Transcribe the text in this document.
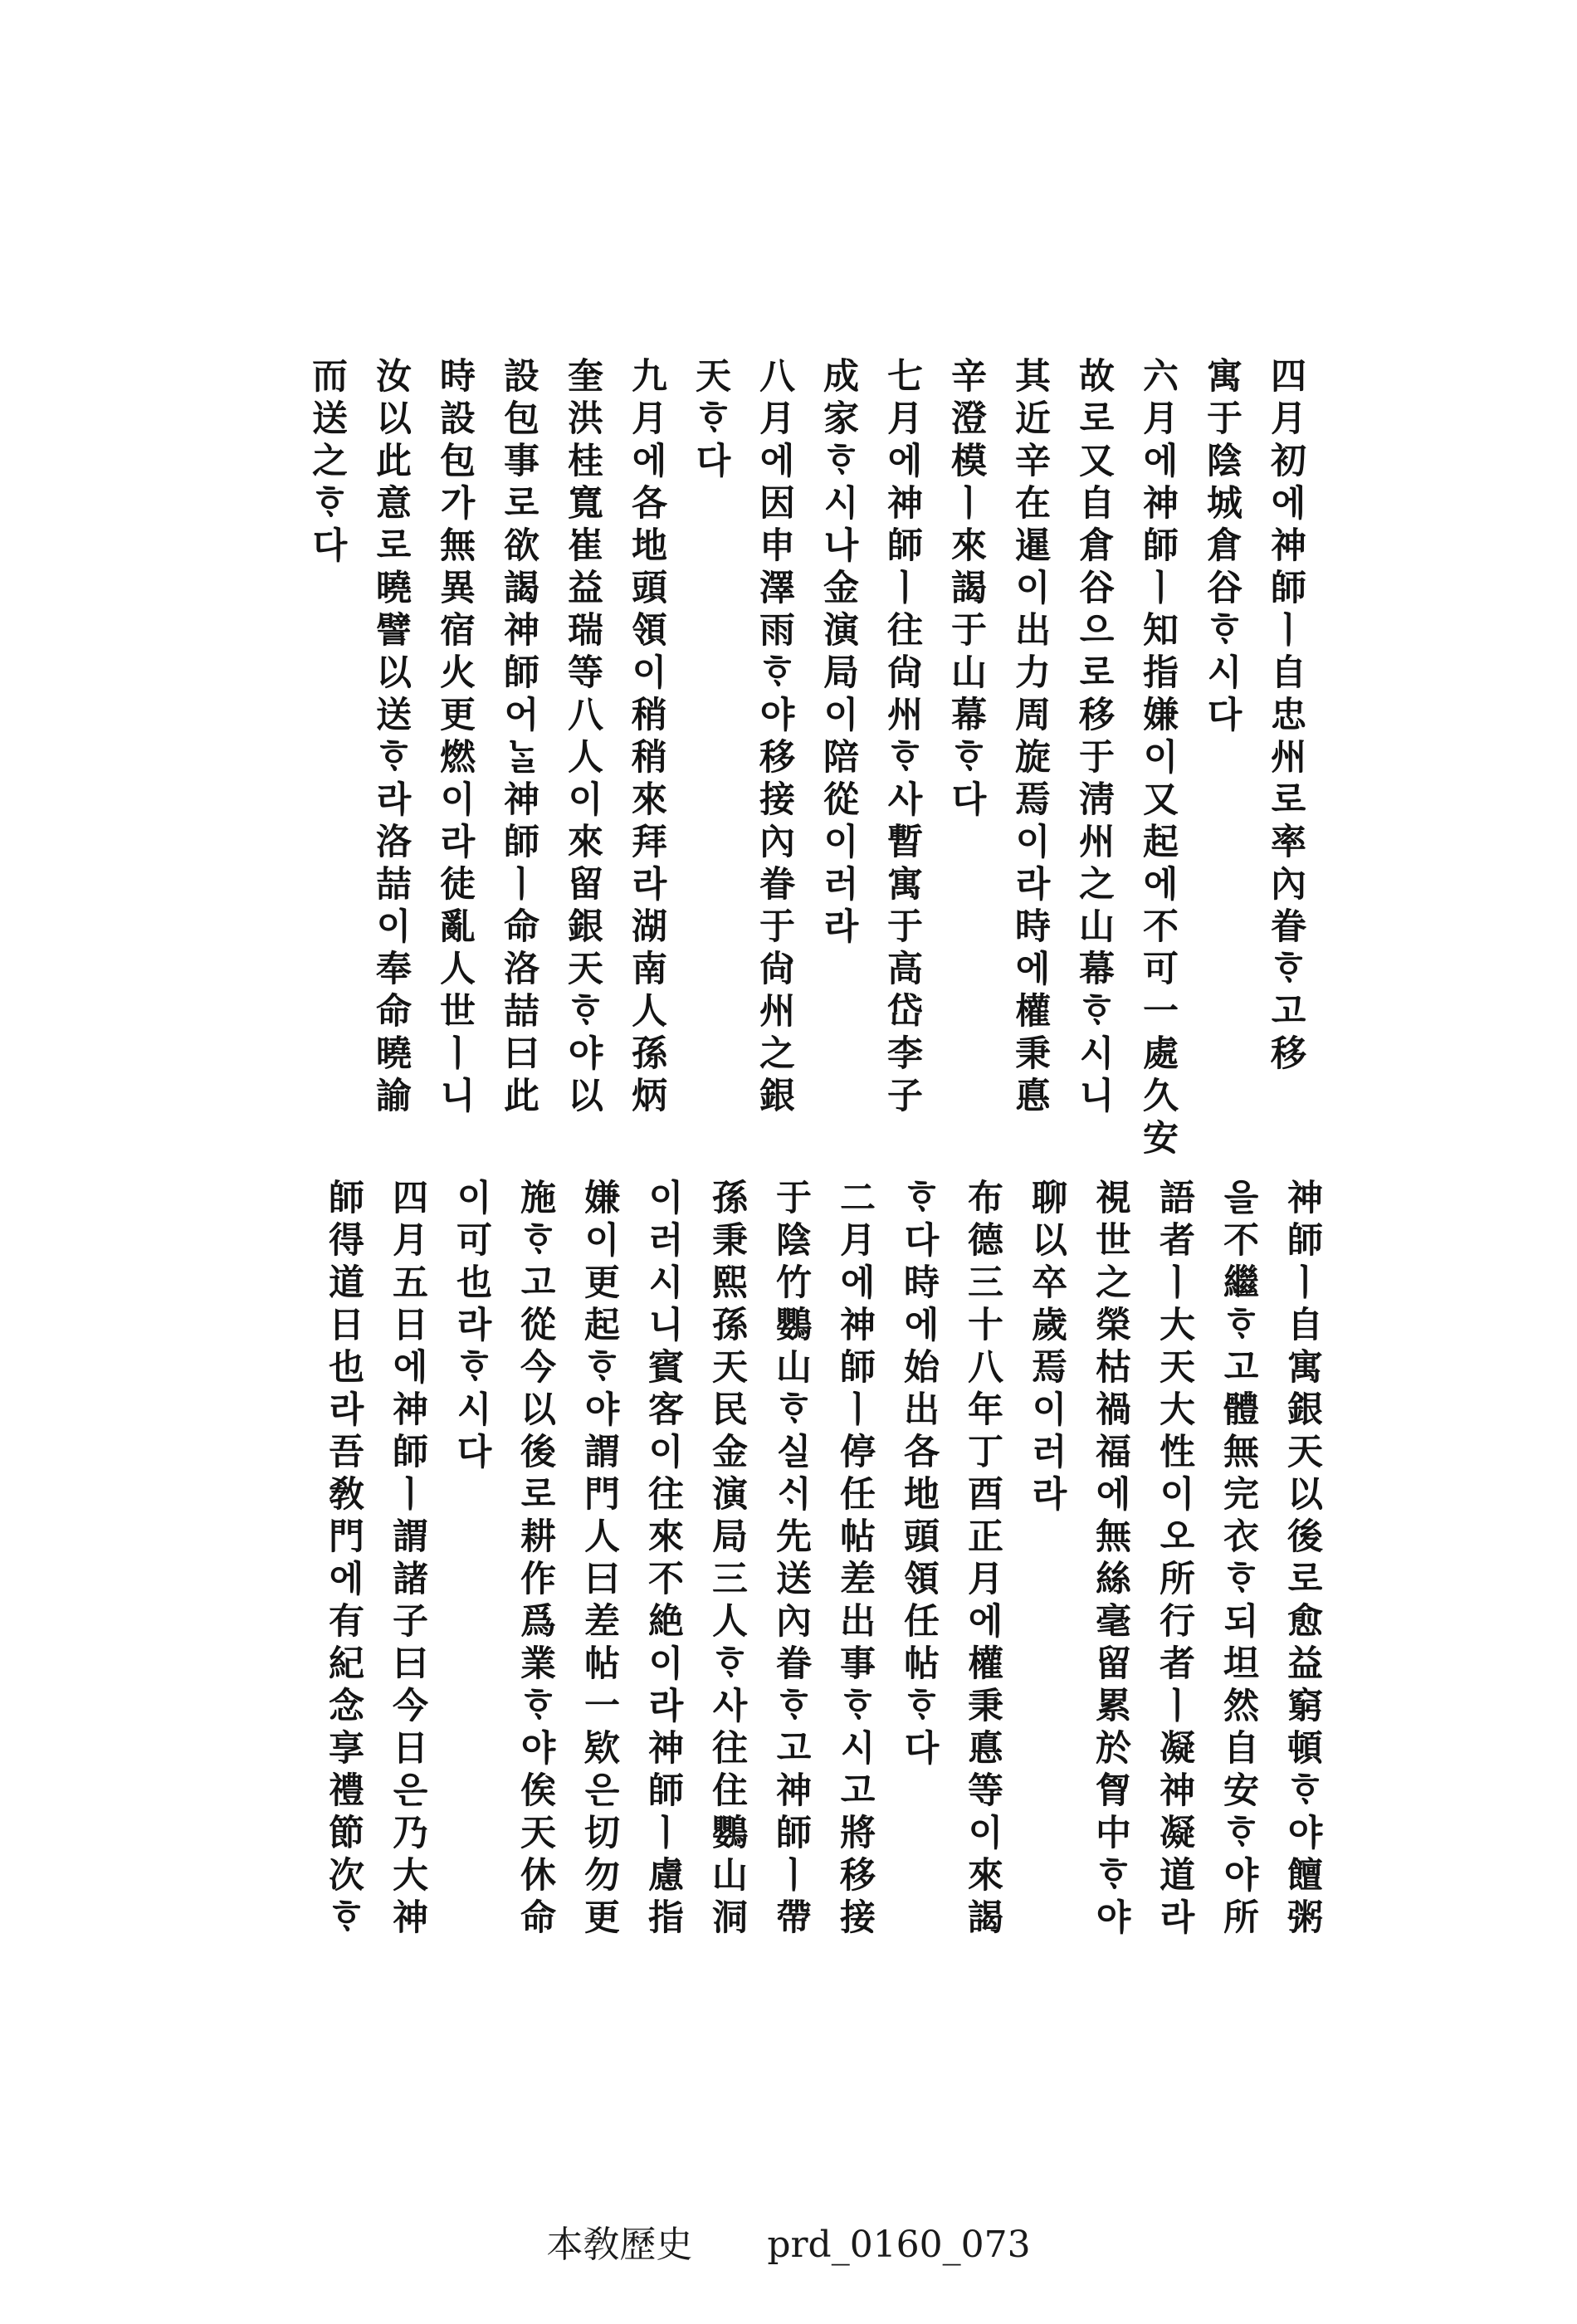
四月初에神師ㅣ自忠州로率內眷ᄒᆞ고移
寓于陰城倉谷ᄒᆞ시다
六月에神師ㅣ知指嫌이又起에不可一處久安
故로又自倉谷으로移于淸州之山幕ᄒᆞ시니
其近辛在暹이出力周旋焉이라時에權秉悳
辛澄模ㅣ來謁于山幕ᄒᆞ다
七月에神師ㅣ往尙州ᄒᆞ사暫寓于高岱李子
成家ᄒᆞ시나金演局이陪從이러라
八月에因申澤雨ᄒᆞ야移接內眷于尙州之銀
天ᄒᆞ다
九月에各地頭領이稍稍來拜라湖南人孫炳
奎洪桂寬崔益瑞等八人이來留銀天ᄒᆞ야以
設包事로欲謁神師어ᄂᆞᆯ神師ㅣ命洛喆曰此
時設包가無異宿火更燃이라徒亂人世ㅣ니
汝以此意로曉譬以送ᄒᆞ라洛喆이奉命曉諭
而送之ᄒᆞ다
神師ㅣ自寓銀天以後로愈益窮頓ᄒᆞ야饘粥
을不繼ᄒᆞ고體無完衣ᄒᆞ되坦然自安ᄒᆞ야所
語者ㅣ大天大性이오所行者ㅣ凝神凝道라
視世之榮枯禍福에無絲毫留累於胷中ᄒᆞ야
聊以卒歲焉이러라
布德三十八年丁酉正月에權秉悳等이來謁
ᄒᆞ다時에始出各地頭領任帖ᄒᆞ다
二月에神師ㅣ停任帖差出事ᄒᆞ시고將移接
于陰竹鸚山ᄒᆞ실ᄉᆡ先送內眷ᄒᆞ고神師ㅣ帶
孫秉熙孫天民金演局三人ᄒᆞ사往住鸚山洞
이러시니賓客이往來不絶이라神師ㅣ慮指
嫌이更起ᄒᆞ야謂門人曰差帖一欵은切勿更
施ᄒᆞ고從今以後로耕作爲業ᄒᆞ야俟天休命
이可也라ᄒᆞ시다
四月五日에神師ㅣ謂諸子曰今日은乃大神
師得道日也라吾敎門에有紀念享禮節次ᄒᆞ
本敎歷史 prd_0160_073
